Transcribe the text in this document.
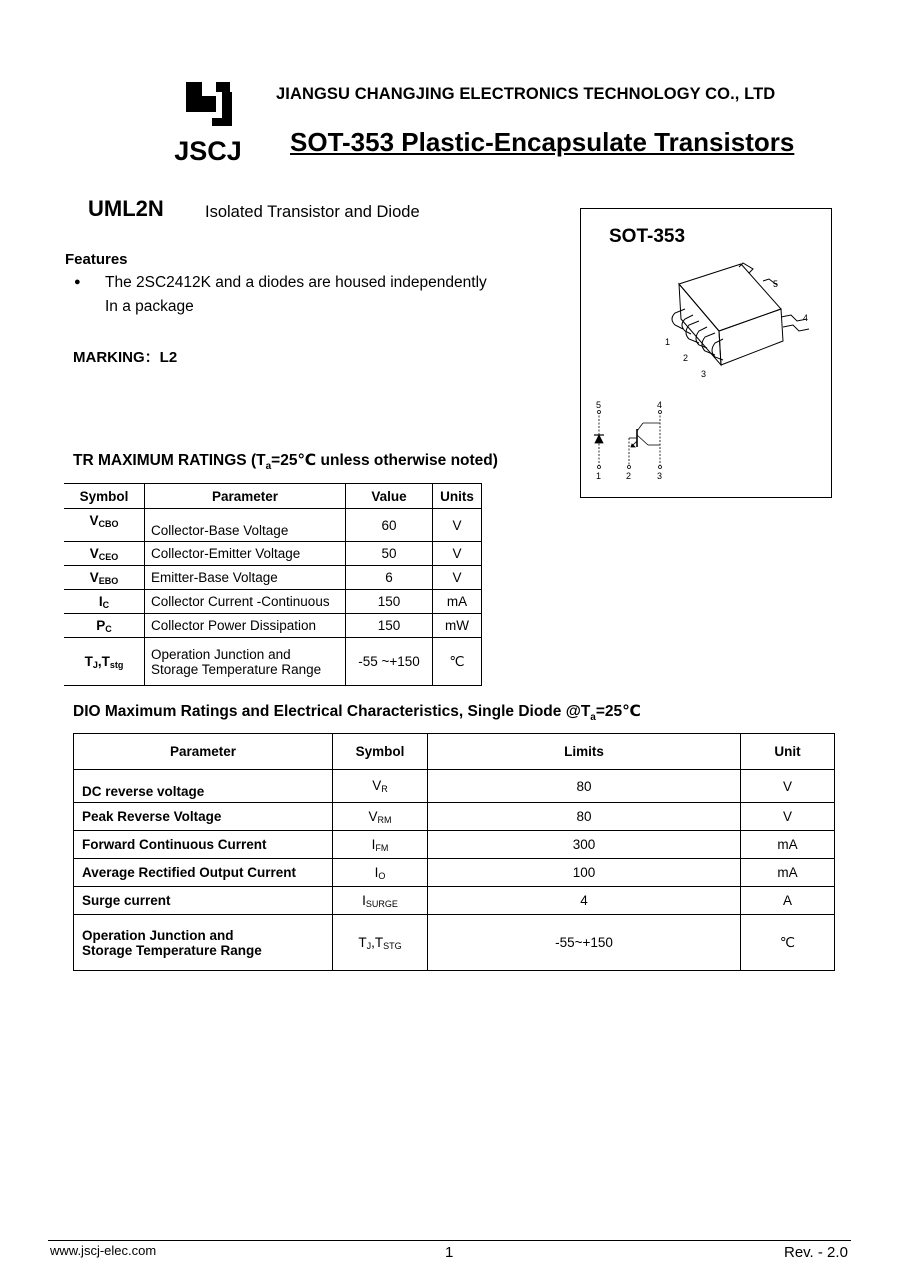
JSCJ
JIANGSU CHANGJING ELECTRONICS TECHNOLOGY CO., LTD
SOT-353 Plastic-Encapsulate Transistors
UML2N Isolated Transistor and Diode
Features
● The 2SC2412K and a diodes are housed independently
In a package
MARKING：L2
SOT-353
5
4
1
2
3
5	4
1	2	3
TR MAXIMUM RATINGS ($T_a=25℃$ unless otherwise noted)
Symbol	Parameter	Value	Units
VCBO	Collector-Base Voltage	60	V
VCEO	Collector-Emitter Voltage	50	V
VEBO	Emitter-Base Voltage	6	V
IC	Collector Current -Continuous	150	mA
PC	Collector Power Dissipation	150	mW
TJ,Tstg	Operation Junction and
Storage Temperature Range	-55 ~+150	℃
DIO Maximum Ratings and Electrical Characteristics, Single Diode $@T_a=25℃$
Parameter	Symbol	Limits	Unit
DC reverse voltage	VR	80	V
Peak Reverse Voltage	VRM	80	V
Forward Continuous Current	IFM	300	mA
Average Rectified Output Current	IO	100	mA
Surge current	ISURGE	4	A

Operation Junction and
Storage Temperature Range	TJ,TSTG	-55~+150	℃
www.jscj-elec.com	1	Rev. - 2.0
